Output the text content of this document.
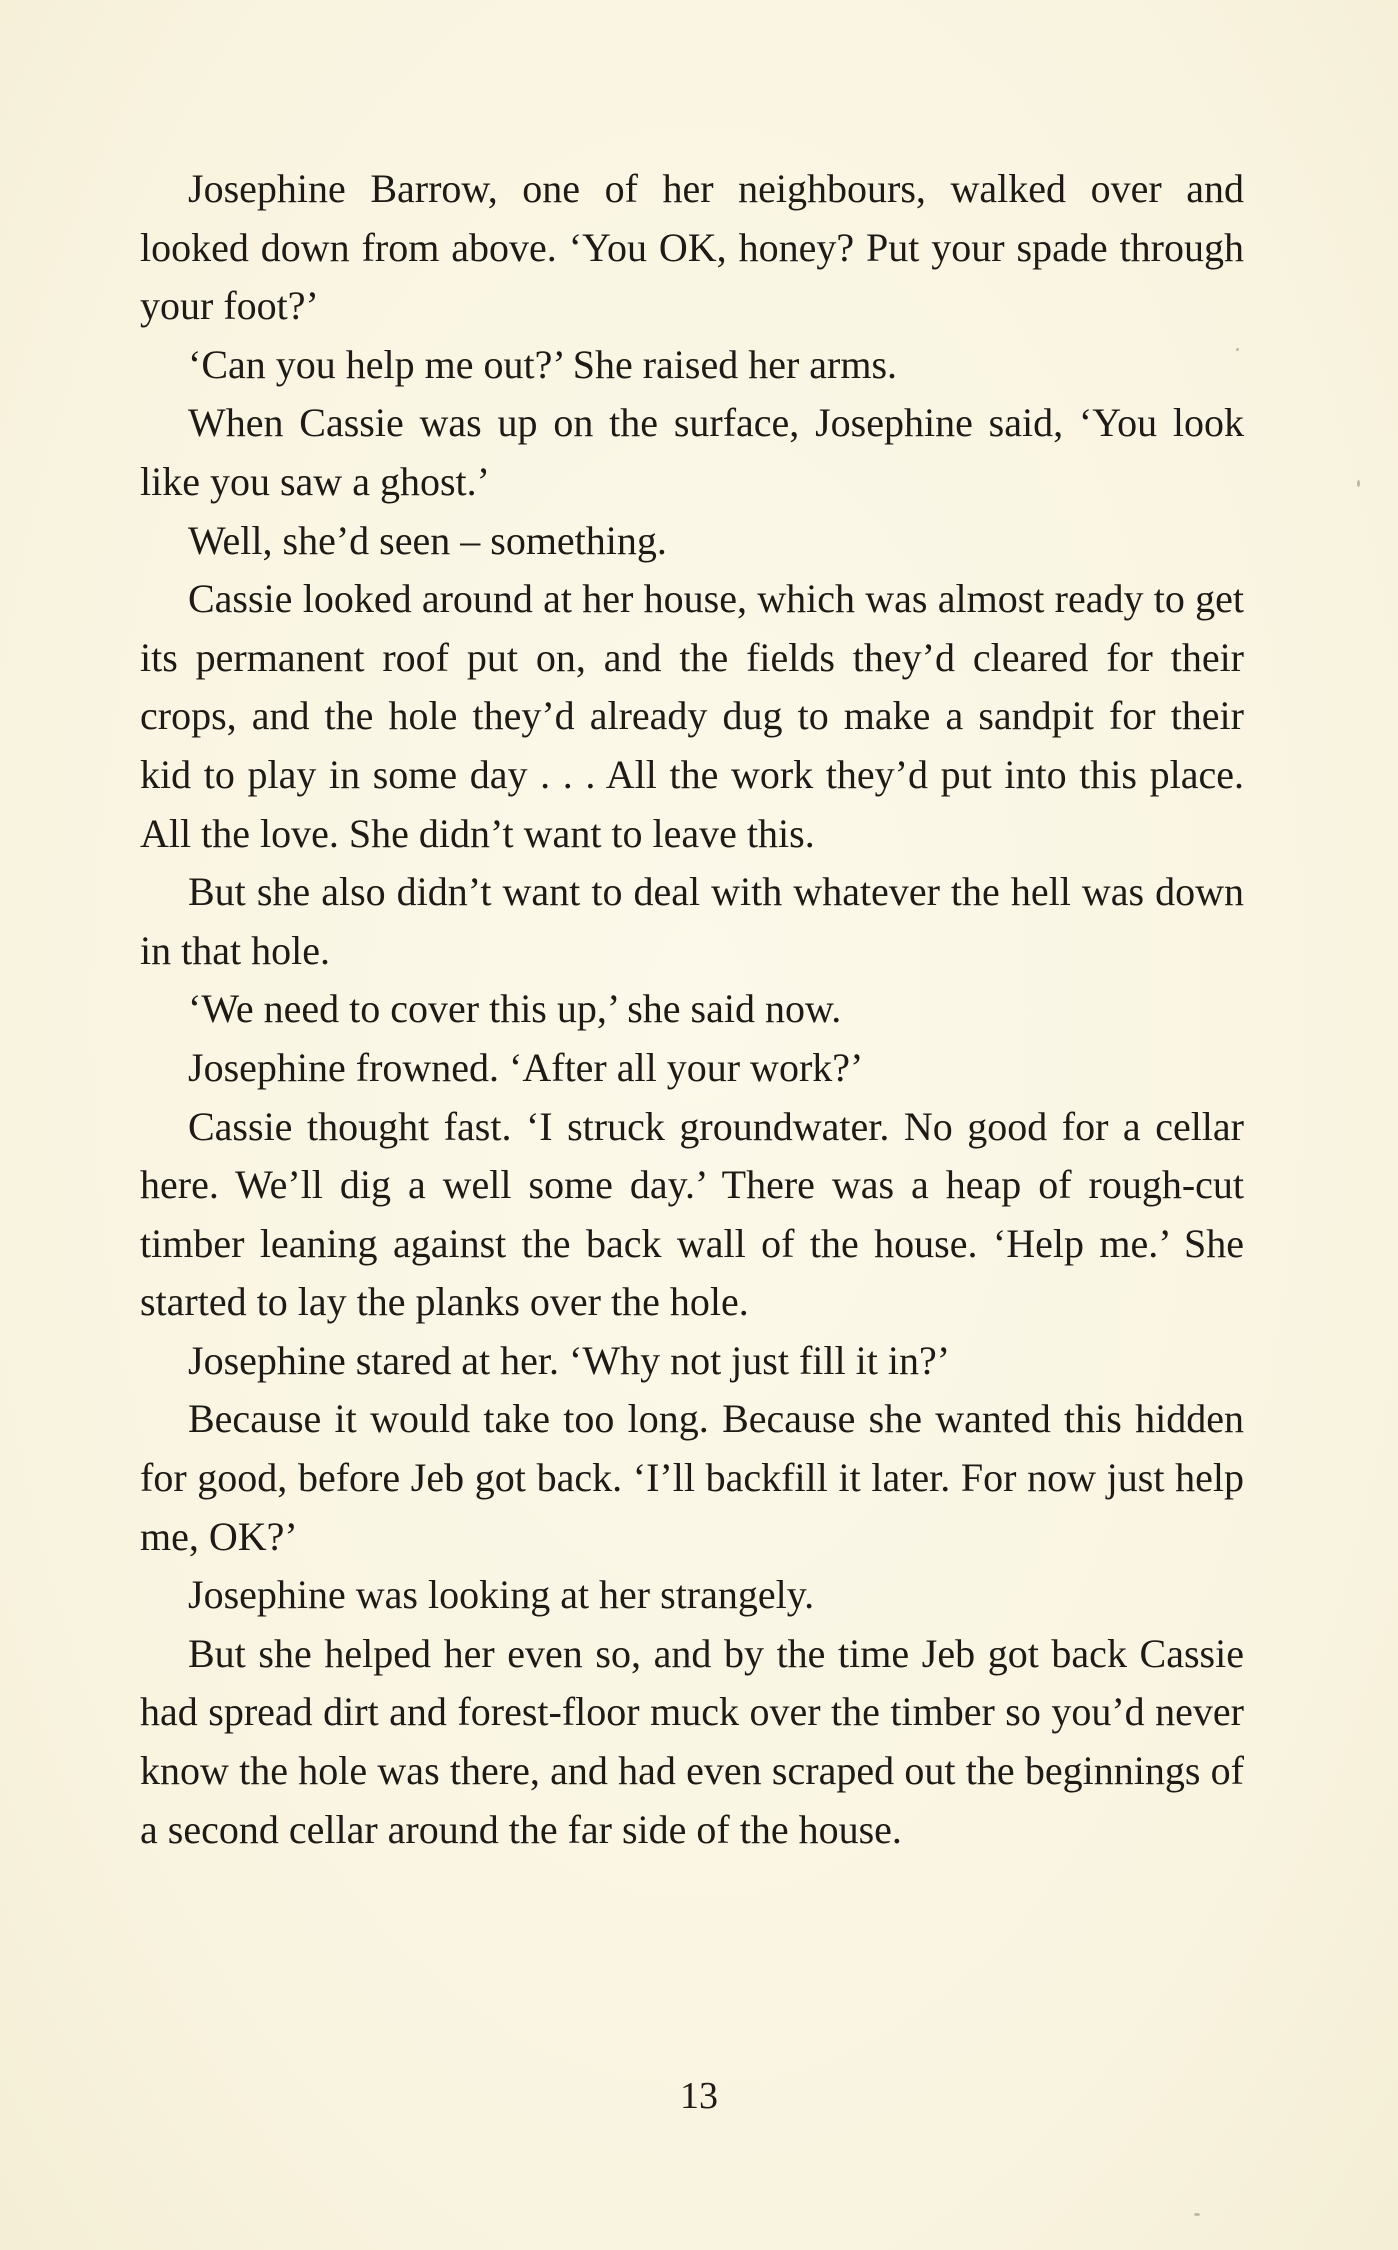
Josephine Barrow, one of her neighbours, walked over and looked down from above. ‘You OK, honey? Put your spade through your foot?’

‘Can you help me out?’ She raised her arms.

When Cassie was up on the surface, Josephine said, ‘You look like you saw a ghost.’

Well, she’d seen – something.

Cassie looked around at her house, which was almost ready to get its permanent roof put on, and the fields they’d cleared for their crops, and the hole they’d already dug to make a sandpit for their kid to play in some day . . . All the work they’d put into this place. All the love. She didn’t want to leave this.

But she also didn’t want to deal with whatever the hell was down in that hole.

‘We need to cover this up,’ she said now.

Josephine frowned. ‘After all your work?’

Cassie thought fast. ‘I struck groundwater. No good for a cellar here. We’ll dig a well some day.’ There was a heap of rough-cut timber leaning against the back wall of the house. ‘Help me.’ She started to lay the planks over the hole.

Josephine stared at her. ‘Why not just fill it in?’

Because it would take too long. Because she wanted this hidden for good, before Jeb got back. ‘I’ll backfill it later. For now just help me, OK?’

Josephine was looking at her strangely.

But she helped her even so, and by the time Jeb got back Cassie had spread dirt and forest-floor muck over the timber so you’d never know the hole was there, and had even scraped out the beginnings of a second cellar around the far side of the house.

13
